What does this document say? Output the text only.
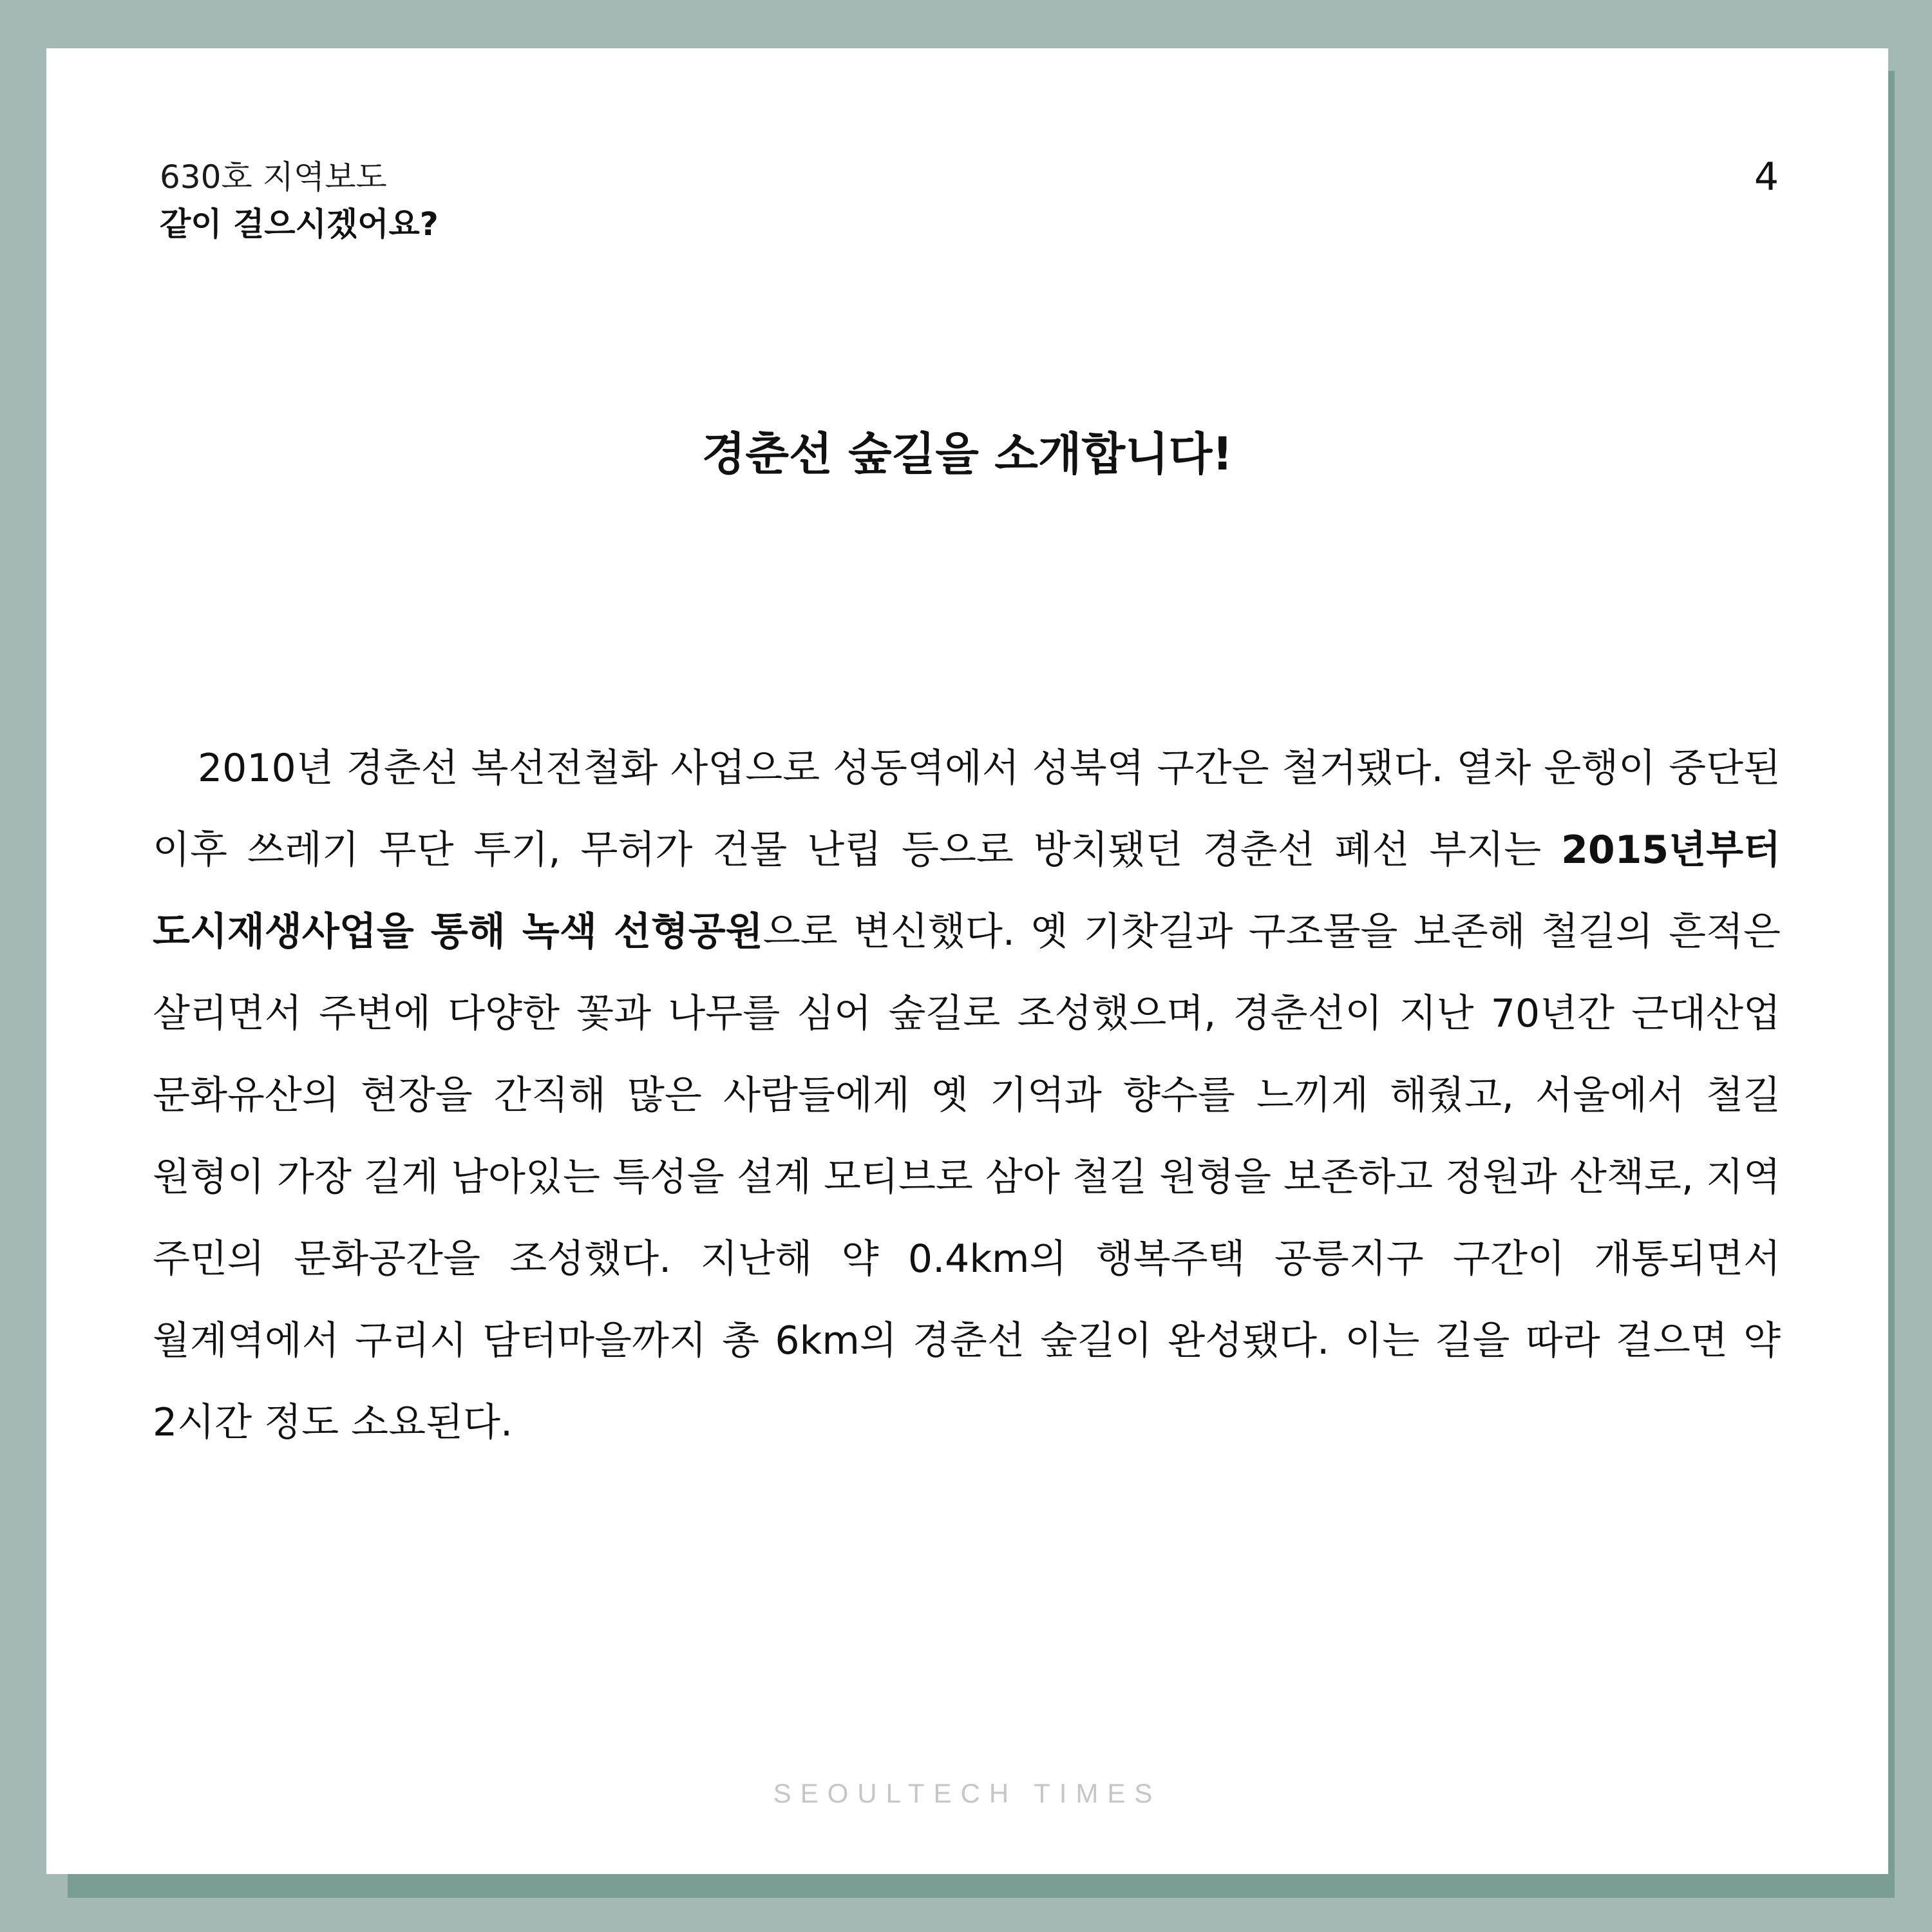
630호 지역보도
같이 걸으시겠어요?
4
경춘선 숲길을 소개합니다!

2010년 경춘선 복선전철화 사업으로 성동역에서 성북역 구간은 철거됐다. 열차 운행이 중단된 이후 쓰레기 무단 투기, 무허가 건물 난립 등으로 방치됐던 경춘선 폐선 부지는 2015년부터 도시재생사업을 통해 녹색 선형공원으로 변신했다. 옛 기찻길과 구조물을 보존해 철길의 흔적은 살리면서 주변에 다양한 꽃과 나무를 심어 숲길로 조성했으며, 경춘선이 지난 70년간 근대산업 문화유산의 현장을 간직해 많은 사람들에게 옛 기억과 향수를 느끼게 해줬고, 서울에서 철길 원형이 가장 길게 남아있는 특성을 설계 모티브로 삼아 철길 원형을 보존하고 정원과 산책로, 지역 주민의 문화공간을 조성했다. 지난해 약 0.4km의 행복주택 공릉지구 구간이 개통되면서 월계역에서 구리시 담터마을까지 총 6km의 경춘선 숲길이 완성됐다. 이는 길을 따라 걸으면 약 2시간 정도 소요된다.

SEOULTECH TIMES
